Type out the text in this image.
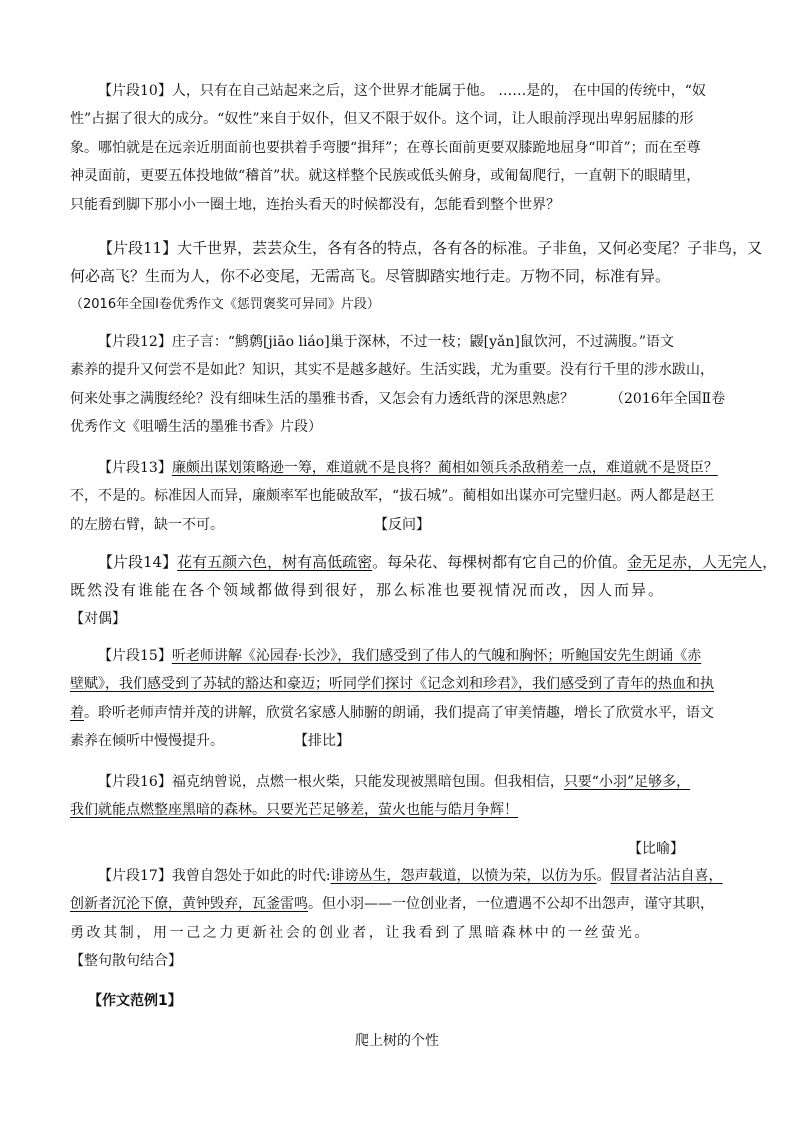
【片段10】人，只有在自己站起来之后，这个世界才能属于他。 ……是的， 在中国的传统中，“奴
性”占据了很大的成分。“奴性”来自于奴仆，但又不限于奴仆。这个词，让人眼前浮现出卑躬屈膝的形
象。哪怕就是在远亲近朋面前也要拱着手弯腰“揖拜”；在尊长面前更要双膝跪地屈身“叩首”；而在至尊
神灵面前，更要五体投地做“稽首”状。就这样整个民族或低头俯身，或匍匐爬行，一直朝下的眼睛里，
只能看到脚下那小小一圈土地，连抬头看天的时候都没有，怎能看到整个世界？
【片段11】大千世界，芸芸众生，各有各的特点，各有各的标准。子非鱼，又何必变尾？子非鸟，又
何必高飞？生而为人，你不必变尾，无需高飞。尽管脚踏实地行走。万物不同，标准有异。
（2016年全国Ⅰ卷优秀作文《惩罚褒奖可异同》片段）
【片段12】庄子言：“鹪鹩[jiāo liáo]巢于深林，不过一枝；鼹[yǎn]鼠饮河，不过满腹。”语文
素养的提升又何尝不是如此？知识，其实不是越多越好。生活实践，尤为重要。没有行千里的涉水跋山，
何来处事之满腹经纶？没有细味生活的墨雅书香，又怎会有力透纸背的深思熟虑？	（2016年全国Ⅱ卷
优秀作文《咀嚼生活的墨雅书香》片段）
【片段13】廉颇出谋划策略逊一筹，难道就不是良将？蔺相如领兵杀敌稍差一点，难道就不是贤臣？
不，不是的。标准因人而异，廉颇率军也能破敌军，“拔石城”。蔺相如出谋亦可完璧归赵。两人都是赵王
的左膀右臂，缺一不可。	【反问】
【片段14】花有五颜六色，树有高低疏密。每朵花、每棵树都有它自己的价值。金无足赤，人无完人，
既然没有谁能在各个领域都做得到很好，那么标准也要视情况而改，因人而异。
【对偶】
【片段15】听老师讲解《沁园春·长沙》，我们感受到了伟人的气魄和胸怀；听鲍国安先生朗诵《赤
壁赋》，我们感受到了苏轼的豁达和豪迈；听同学们探讨《记念刘和珍君》，我们感受到了青年的热血和执
着。聆听老师声情并茂的讲解，欣赏名家感人肺腑的朗诵，我们提高了审美情趣，增长了欣赏水平，语文
素养在倾听中慢慢提升。	【排比】
【片段16】福克纳曾说，点燃一根火柴，只能发现被黑暗包围。但我相信，只要“小羽”足够多，
我们就能点燃整座黑暗的森林。只要光芒足够差，萤火也能与皓月争辉！
【比喻】
【片段17】我曾自怨处于如此的时代:诽谤丛生，怨声载道，以愤为荣，以仿为乐。假冒者沾沾自喜，
创新者沉沦下僚，黄钟毁弃，瓦釜雷鸣。但小羽——一位创业者，一位遭遇不公却不出怨声，谨守其职，
勇改其制，用一己之力更新社会的创业者，让我看到了黑暗森林中的一丝萤光。
【整句散句结合】
【作文范例1】
爬上树的个性
